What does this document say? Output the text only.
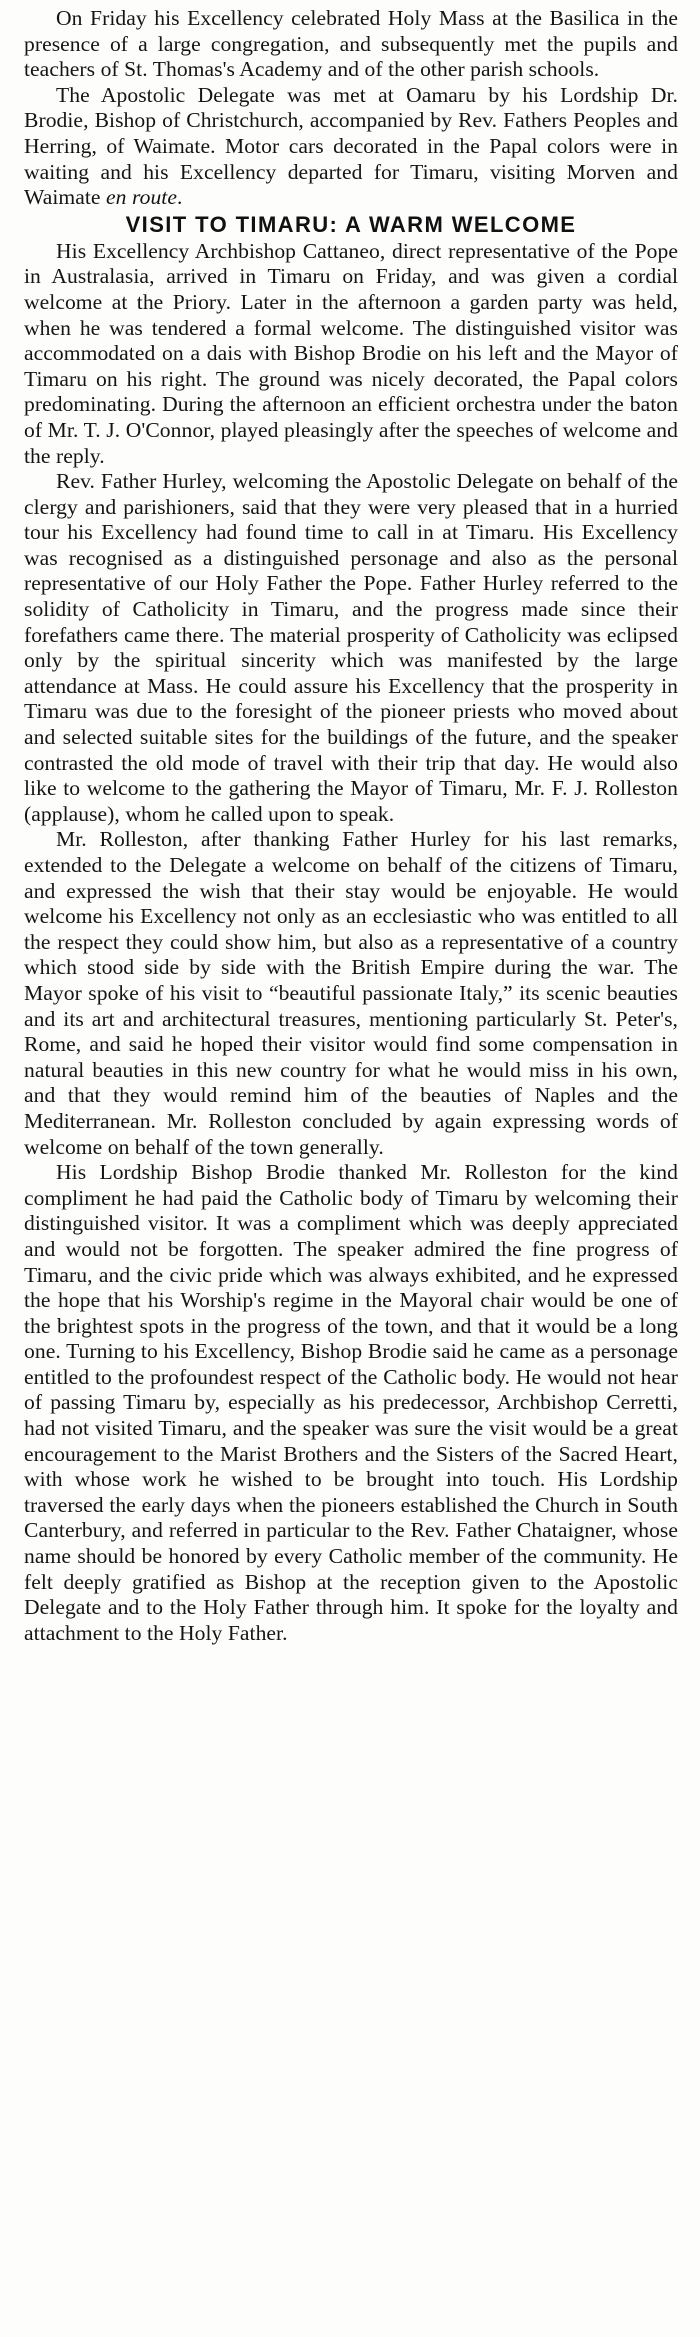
On Friday his Excellency celebrated Holy Mass at the Basilica in the presence of a large congregation, and subsequently met the pupils and teachers of St. Thomas's Academy and of the other parish schools.

The Apostolic Delegate was met at Oamaru by his Lordship Dr. Brodie, Bishop of Christchurch, accompanied by Rev. Fathers Peoples and Herring, of Waimate. Motor cars decorated in the Papal colors were in waiting and his Excellency departed for Timaru, visiting Morven and Waimate en route.

VISIT TO TIMARU: A WARM WELCOME

His Excellency Archbishop Cattaneo, direct representative of the Pope in Australasia, arrived in Timaru on Friday, and was given a cordial welcome at the Priory. Later in the afternoon a garden party was held, when he was tendered a formal welcome. The distinguished visitor was accommodated on a dais with Bishop Brodie on his left and the Mayor of Timaru on his right. The ground was nicely decorated, the Papal colors predominating. During the afternoon an efficient orchestra under the baton of Mr. T. J. O'Connor, played pleasingly after the speeches of welcome and the reply.

Rev. Father Hurley, welcoming the Apostolic Delegate on behalf of the clergy and parishioners, said that they were very pleased that in a hurried tour his Excellency had found time to call in at Timaru. His Excellency was recognised as a distinguished personage and also as the personal representative of our Holy Father the Pope. Father Hurley referred to the solidity of Catholicity in Timaru, and the progress made since their forefathers came there. The material prosperity of Catholicity was eclipsed only by the spiritual sincerity which was manifested by the large attendance at Mass. He could assure his Excellency that the prosperity in Timaru was due to the foresight of the pioneer priests who moved about and selected suitable sites for the buildings of the future, and the speaker contrasted the old mode of travel with their trip that day. He would also like to welcome to the gathering the Mayor of Timaru, Mr. F. J. Rolleston (applause), whom he called upon to speak.

Mr. Rolleston, after thanking Father Hurley for his last remarks, extended to the Delegate a welcome on behalf of the citizens of Timaru, and expressed the wish that their stay would be enjoyable. He would welcome his Excellency not only as an ecclesiastic who was entitled to all the respect they could show him, but also as a representative of a country which stood side by side with the British Empire during the war. The Mayor spoke of his visit to “beautiful passionate Italy,” its scenic beauties and its art and architectural treasures, mentioning particularly St. Peter's, Rome, and said he hoped their visitor would find some compensation in natural beauties in this new country for what he would miss in his own, and that they would remind him of the beauties of Naples and the Mediterranean. Mr. Rolleston concluded by again expressing words of welcome on behalf of the town generally.

His Lordship Bishop Brodie thanked Mr. Rolleston for the kind compliment he had paid the Catholic body of Timaru by welcoming their distinguished visitor. It was a compliment which was deeply appreciated and would not be forgotten. The speaker admired the fine progress of Timaru, and the civic pride which was always exhibited, and he expressed the hope that his Worship's regime in the Mayoral chair would be one of the brightest spots in the progress of the town, and that it would be a long one. Turning to his Excellency, Bishop Brodie said he came as a personage entitled to the profoundest respect of the Catholic body. He would not hear of passing Timaru by, especially as his predecessor, Archbishop Cerretti, had not visited Timaru, and the speaker was sure the visit would be a great encouragement to the Marist Brothers and the Sisters of the Sacred Heart, with whose work he wished to be brought into touch. His Lordship traversed the early days when the pioneers established the Church in South Canterbury, and referred in particular to the Rev. Father Chataigner, whose name should be honored by every Catholic member of the community. He felt deeply gratified as Bishop at the reception given to the Apostolic Delegate and to the Holy Father through him. It spoke for the loyalty and attachment to the Holy Father.
